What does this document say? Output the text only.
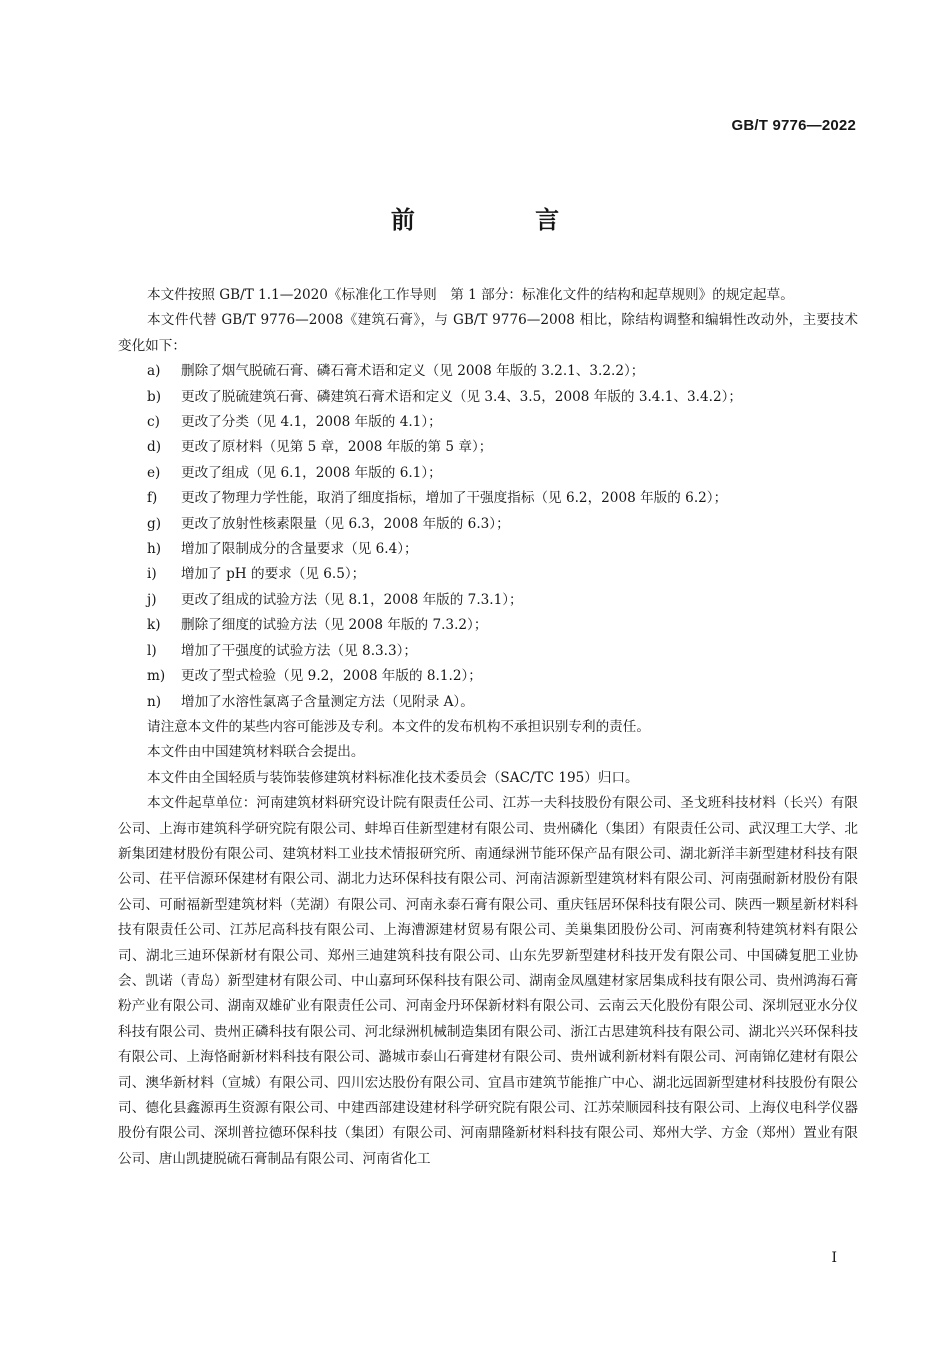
GB/T 9776—2022
前 言
本文件按照 GB/T 1.1—2020《标准化工作导则　第 1 部分：标准化文件的结构和起草规则》的规定起草。
本文件代替 GB/T 9776—2008《建筑石膏》，与 GB/T 9776—2008 相比，除结构调整和编辑性改动外，主要技术变化如下：
a)	删除了烟气脱硫石膏、磷石膏术语和定义（见 2008 年版的 3.2.1、3.2.2）；
b)	更改了脱硫建筑石膏、磷建筑石膏术语和定义（见 3.4、3.5，2008 年版的 3.4.1、3.4.2）；
c)	更改了分类（见 4.1，2008 年版的 4.1）；
d)	更改了原材料（见第 5 章，2008 年版的第 5 章）；
e)	更改了组成（见 6.1，2008 年版的 6.1）；
f)	更改了物理力学性能，取消了细度指标，增加了干强度指标（见 6.2，2008 年版的 6.2）；
g)	更改了放射性核素限量（见 6.3，2008 年版的 6.3）；
h)	增加了限制成分的含量要求（见 6.4）；
i)	增加了 pH 的要求（见 6.5）；
j)	更改了组成的试验方法（见 8.1，2008 年版的 7.3.1）；
k)	删除了细度的试验方法（见 2008 年版的 7.3.2）；
l)	增加了干强度的试验方法（见 8.3.3）；
m)	更改了型式检验（见 9.2，2008 年版的 8.1.2）；
n)	增加了水溶性氯离子含量测定方法（见附录 A）。
请注意本文件的某些内容可能涉及专利。本文件的发布机构不承担识别专利的责任。
本文件由中国建筑材料联合会提出。
本文件由全国轻质与装饰装修建筑材料标准化技术委员会（SAC/TC 195）归口。
本文件起草单位：河南建筑材料研究设计院有限责任公司、江苏一夫科技股份有限公司、圣戈班科技材料（长兴）有限公司、上海市建筑科学研究院有限公司、蚌埠百佳新型建材有限公司、贵州磷化（集团）有限责任公司、武汉理工大学、北新集团建材股份有限公司、建筑材料工业技术情报研究所、南通绿洲节能环保产品有限公司、湖北新洋丰新型建材科技有限公司、茌平信源环保建材有限公司、湖北力达环保科技有限公司、河南洁源新型建筑材料有限公司、河南强耐新材股份有限公司、可耐福新型建筑材料（芜湖）有限公司、河南永泰石膏有限公司、重庆钰居环保科技有限公司、陕西一颗星新材料科技有限责任公司、江苏尼高科技有限公司、上海漕源建材贸易有限公司、美巢集团股份公司、河南赛利特建筑材料有限公司、湖北三迪环保新材有限公司、郑州三迪建筑科技有限公司、山东先罗新型建材科技开发有限公司、中国磷复肥工业协会、凯诺（青岛）新型建材有限公司、中山嘉珂环保科技有限公司、湖南金凤凰建材家居集成科技有限公司、贵州鸿海石膏粉产业有限公司、湖南双雄矿业有限责任公司、河南金丹环保新材料有限公司、云南云天化股份有限公司、深圳冠亚水分仪科技有限公司、贵州正磷科技有限公司、河北绿洲机械制造集团有限公司、浙江古思建筑科技有限公司、湖北兴兴环保科技有限公司、上海恪耐新材料科技有限公司、潞城市泰山石膏建材有限公司、贵州诚利新材料有限公司、河南锦亿建材有限公司、澳华新材料（宣城）有限公司、四川宏达股份有限公司、宜昌市建筑节能推广中心、湖北远固新型建材科技股份有限公司、德化县鑫源再生资源有限公司、中建西部建设建材科学研究院有限公司、江苏荣顺园科技有限公司、上海仪电科学仪器股份有限公司、深圳普拉德环保科技（集团）有限公司、河南鼎隆新材料科技有限公司、郑州大学、方金（郑州）置业有限公司、唐山凯捷脱硫石膏制品有限公司、河南省化工
I
